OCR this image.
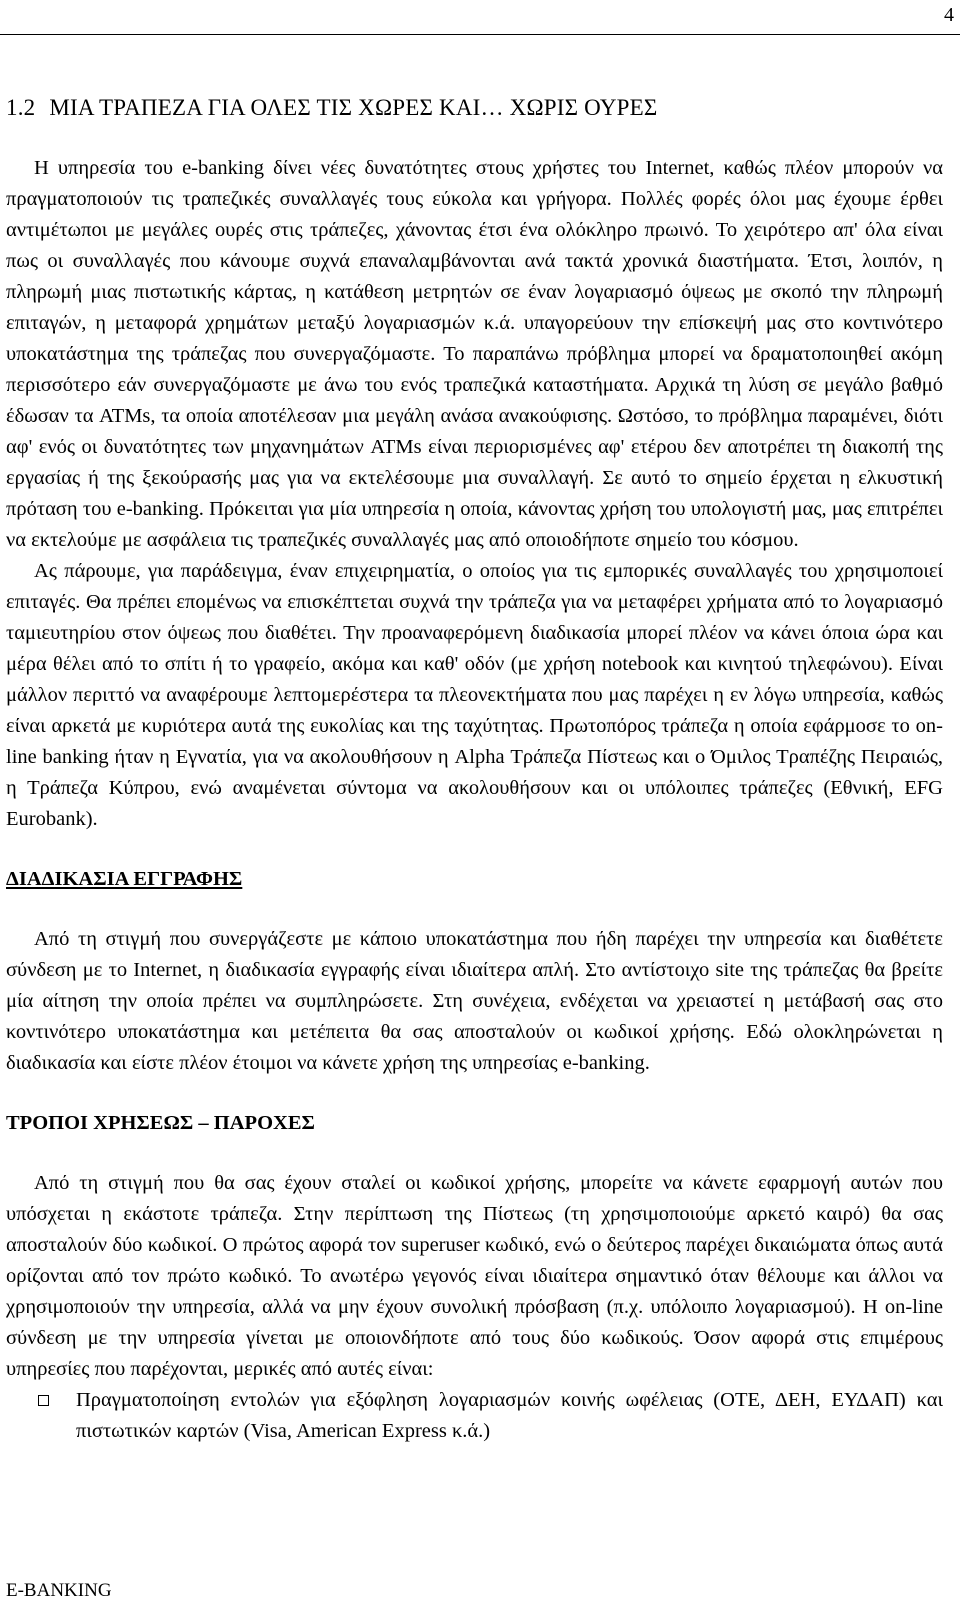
4
1.2 ΜΙΑ ΤΡΑΠΕΖΑ ΓΙΑ ΟΛΕΣ ΤΙΣ ΧΩΡΕΣ ΚΑΙ… ΧΩΡΙΣ ΟΥΡΕΣ

Η υπηρεσία του e-banking δίνει νέες δυνατότητες στους χρήστες του Internet, καθώς πλέον μπορούν να πραγματοποιούν τις τραπεζικές συναλλαγές τους εύκολα και γρήγορα. Πολλές φορές όλοι μας έχουμε έρθει αντιμέτωποι με μεγάλες ουρές στις τράπεζες, χάνοντας έτσι ένα ολόκληρο πρωινό. Το χειρότερο απ' όλα είναι πως οι συναλλαγές που κάνουμε συχνά επαναλαμβάνονται ανά τακτά χρονικά διαστήματα. Έτσι, λοιπόν, η πληρωμή μιας πιστωτικής κάρτας, η κατάθεση μετρητών σε έναν λογαριασμό όψεως με σκοπό την πληρωμή επιταγών, η μεταφορά χρημάτων μεταξύ λογαριασμών κ.ά. υπαγορεύουν την επίσκεψή μας στο κοντινότερο υποκατάστημα της τράπεζας που συνεργαζόμαστε. Το παραπάνω πρόβλημα μπορεί να δραματοποιηθεί ακόμη περισσότερο εάν συνεργαζόμαστε με άνω του ενός τραπεζικά καταστήματα. Αρχικά τη λύση σε μεγάλο βαθμό έδωσαν τα ATMs, τα οποία αποτέλεσαν μια μεγάλη ανάσα ανακούφισης. Ωστόσο, το πρόβλημα παραμένει, διότι αφ' ενός οι δυνατότητες των μηχανημάτων ATMs είναι περιορισμένες αφ' ετέρου δεν αποτρέπει τη διακοπή της εργασίας ή της ξεκούρασής μας για να εκτελέσουμε μια συναλλαγή. Σε αυτό το σημείο έρχεται η ελκυστική πρόταση του e-banking. Πρόκειται για μία υπηρεσία η οποία, κάνοντας χρήση του υπολογιστή μας, μας επιτρέπει να εκτελούμε με ασφάλεια τις τραπεζικές συναλλαγές μας από οποιοδήποτε σημείο του κόσμου.

Ας πάρουμε, για παράδειγμα, έναν επιχειρηματία, ο οποίος για τις εμπορικές συναλλαγές του χρησιμοποιεί επιταγές. Θα πρέπει επομένως να επισκέπτεται συχνά την τράπεζα για να μεταφέρει χρήματα από το λογαριασμό ταμιευτηρίου στον όψεως που διαθέτει. Την προαναφερόμενη διαδικασία μπορεί πλέον να κάνει όποια ώρα και μέρα θέλει από το σπίτι ή το γραφείο, ακόμα και καθ' οδόν (με χρήση notebook και κινητού τηλεφώνου). Είναι μάλλον περιττό να αναφέρουμε λεπτομερέστερα τα πλεονεκτήματα που μας παρέχει η εν λόγω υπηρεσία, καθώς είναι αρκετά με κυριότερα αυτά της ευκολίας και της ταχύτητας. Πρωτοπόρος τράπεζα η οποία εφάρμοσε το on-line banking ήταν η Εγνατία, για να ακολουθήσουν η Alpha Τράπεζα Πίστεως και ο Όμιλος Τραπέζης Πειραιώς, η Τράπεζα Κύπρου, ενώ αναμένεται σύντομα να ακολουθήσουν και οι υπόλοιπες τράπεζες (Εθνική, EFG Eurobank).

ΔΙΑΔΙΚΑΣΙΑ ΕΓΓΡΑΦΗΣ

Από τη στιγμή που συνεργάζεστε με κάποιο υποκατάστημα που ήδη παρέχει την υπηρεσία και διαθέτετε σύνδεση με το Internet, η διαδικασία εγγραφής είναι ιδιαίτερα απλή. Στο αντίστοιχο site της τράπεζας θα βρείτε μία αίτηση την οποία πρέπει να συμπληρώσετε. Στη συνέχεια, ενδέχεται να χρειαστεί η μετάβασή σας στο κοντινότερο υποκατάστημα και μετέπειτα θα σας αποσταλούν οι κωδικοί χρήσης. Εδώ ολοκληρώνεται η διαδικασία και είστε πλέον έτοιμοι να κάνετε χρήση της υπηρεσίας e-banking.

ΤΡΟΠΟΙ ΧΡΗΣΕΩΣ – ΠΑΡΟΧΕΣ

Από τη στιγμή που θα σας έχουν σταλεί οι κωδικοί χρήσης, μπορείτε να κάνετε εφαρμογή αυτών που υπόσχεται η εκάστοτε τράπεζα. Στην περίπτωση της Πίστεως (τη χρησιμοποιούμε αρκετό καιρό) θα σας αποσταλούν δύο κωδικοί. Ο πρώτος αφορά τον superuser κωδικό, ενώ ο δεύτερος παρέχει δικαιώματα όπως αυτά ορίζονται από τον πρώτο κωδικό. Το ανωτέρω γεγονός είναι ιδιαίτερα σημαντικό όταν θέλουμε και άλλοι να χρησιμοποιούν την υπηρεσία, αλλά να μην έχουν συνολική πρόσβαση (π.χ. υπόλοιπο λογαριασμού). Η on-line σύνδεση με την υπηρεσία γίνεται με οποιονδήποτε από τους δύο κωδικούς. Όσον αφορά στις επιμέρους υπηρεσίες που παρέχονται, μερικές από αυτές είναι:

Πραγματοποίηση εντολών για εξόφληση λογαριασμών κοινής ωφέλειας (ΟΤΕ, ΔΕΗ, ΕΥΔΑΠ) και πιστωτικών καρτών (Visa, American Express κ.ά.)
E-BANKING
